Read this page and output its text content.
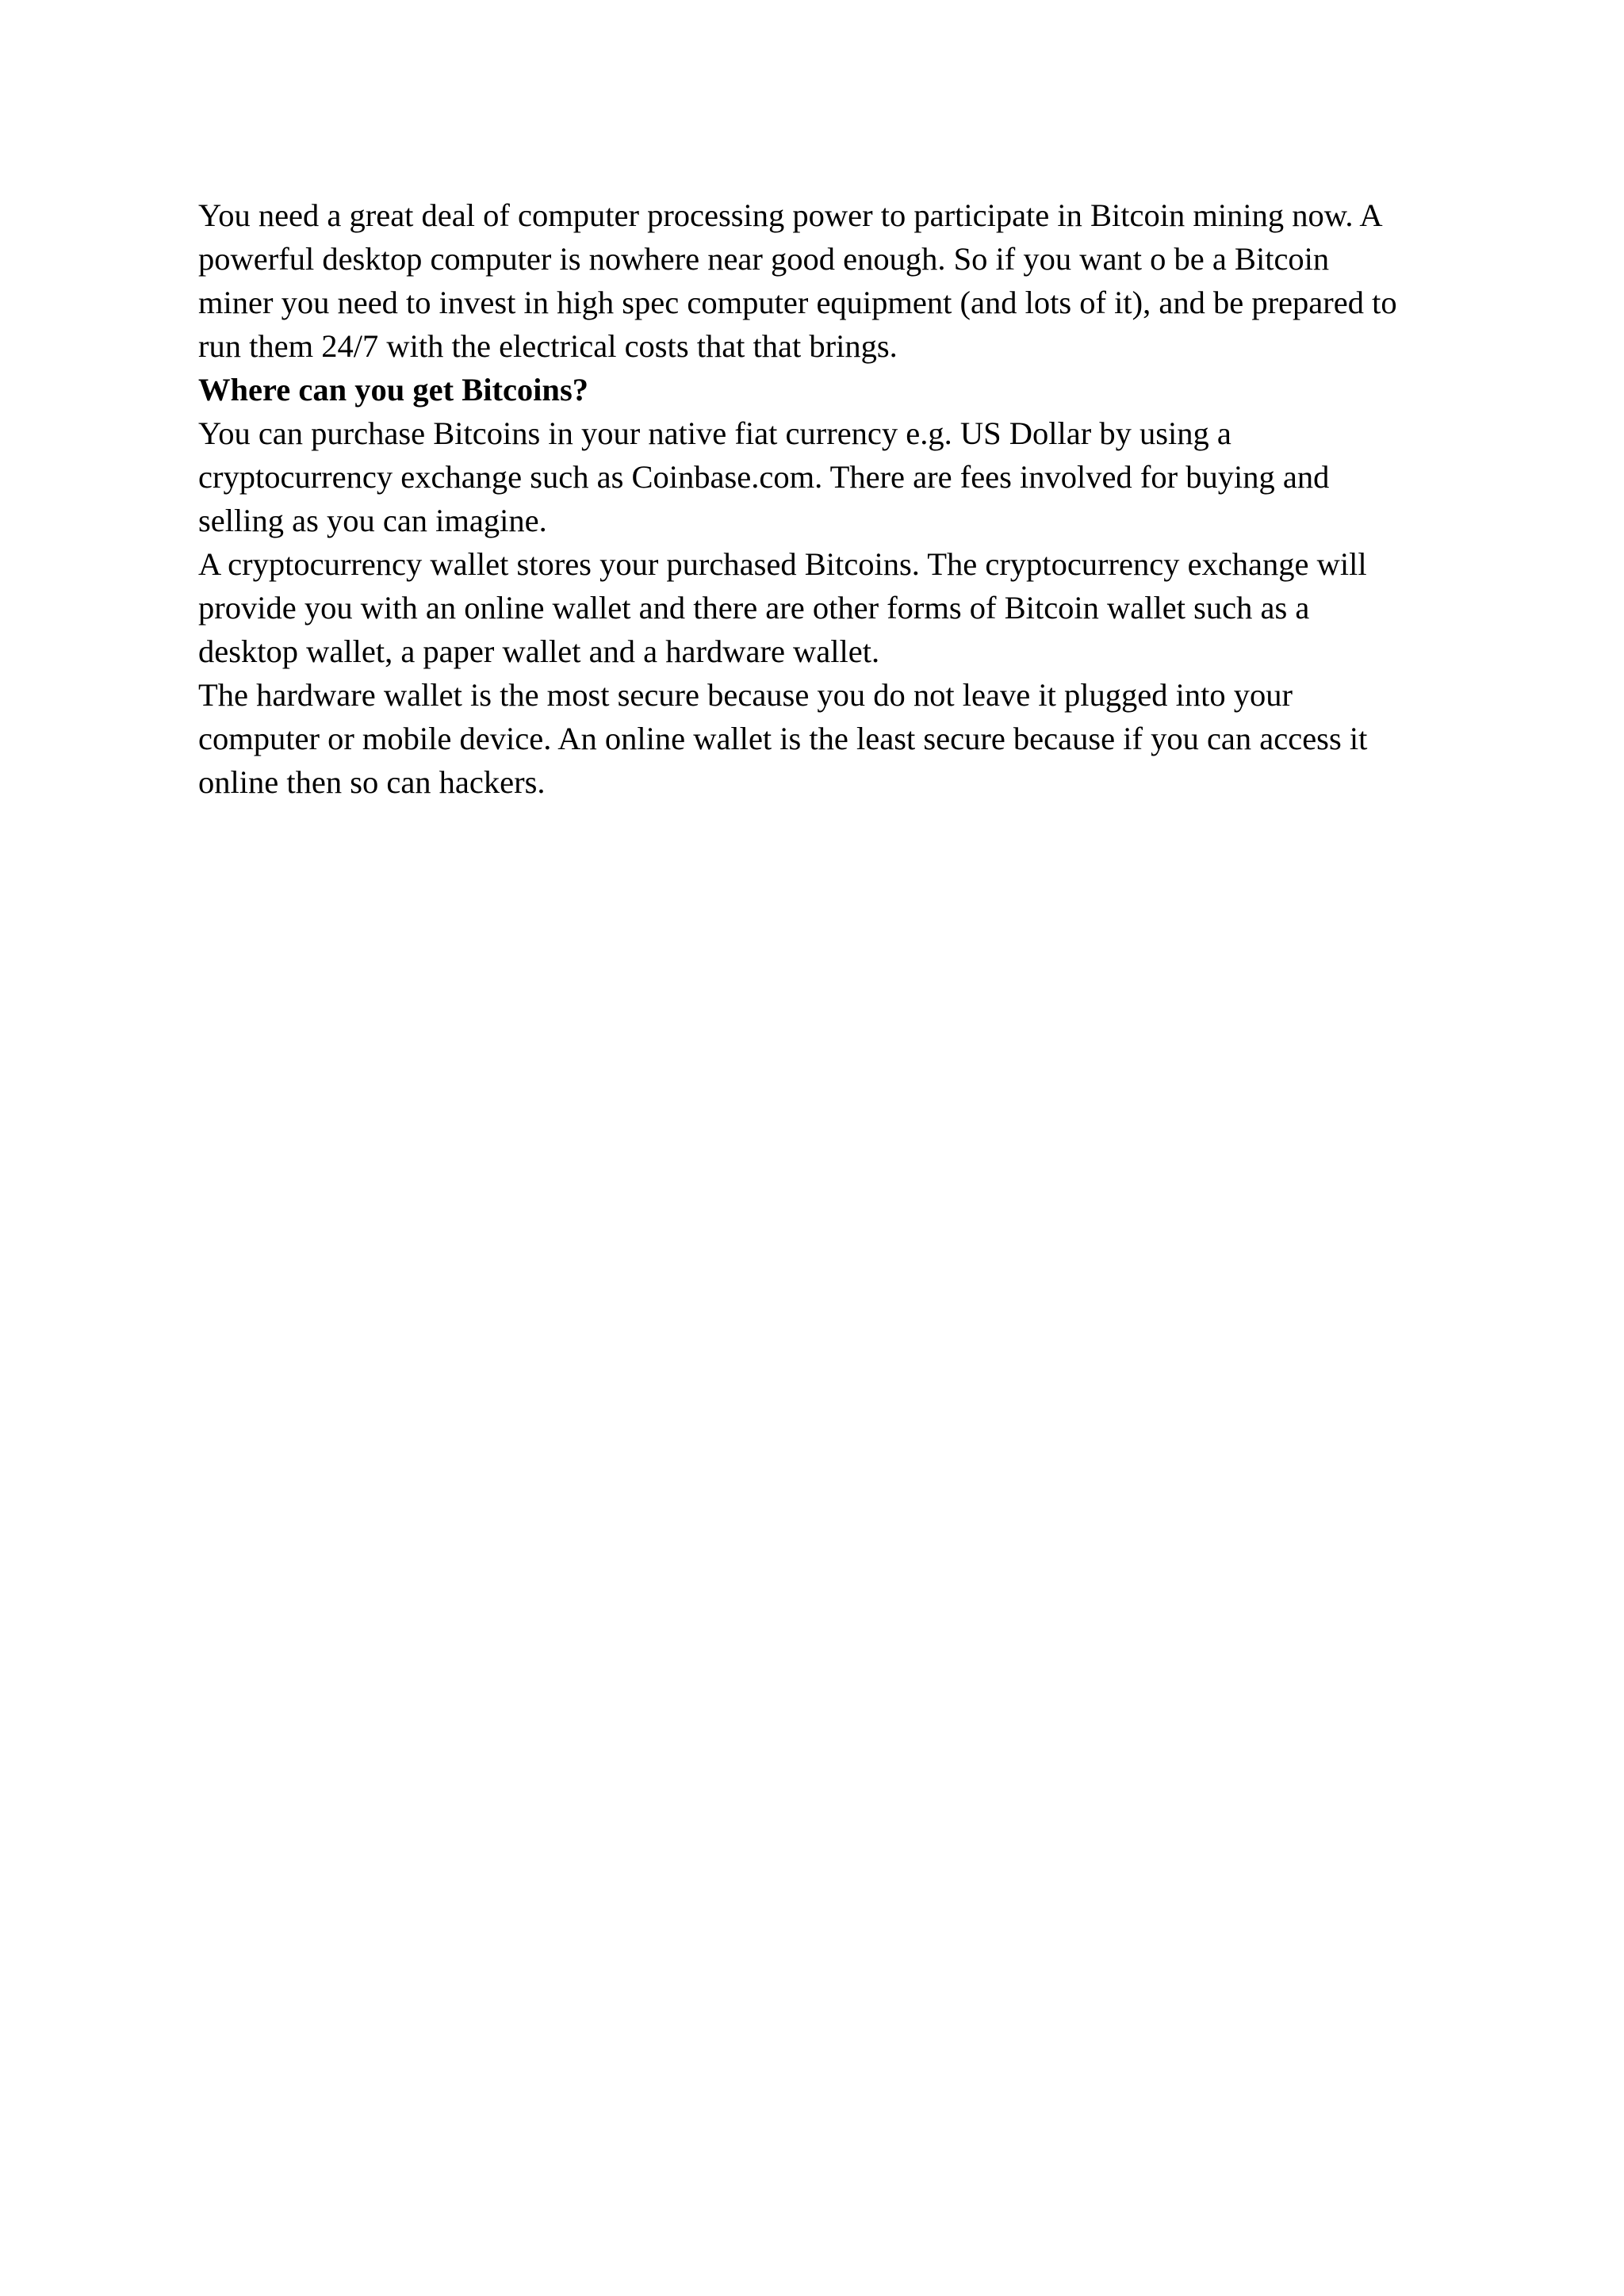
You need a great deal of computer processing power to participate in Bitcoin mining now. A
powerful desktop computer is nowhere near good enough. So if you want o be a Bitcoin
miner you need to invest in high spec computer equipment (and lots of it), and be prepared to
run them 24/7 with the electrical costs that that brings.

Where can you get Bitcoins?

You can purchase Bitcoins in your native fiat currency e.g. US Dollar by using a
cryptocurrency exchange such as Coinbase.com. There are fees involved for buying and
selling as you can imagine.

A cryptocurrency wallet stores your purchased Bitcoins. The cryptocurrency exchange will
provide you with an online wallet and there are other forms of Bitcoin wallet such as a
desktop wallet, a paper wallet and a hardware wallet.

The hardware wallet is the most secure because you do not leave it plugged into your
computer or mobile device. An online wallet is the least secure because if you can access it
online then so can hackers.
